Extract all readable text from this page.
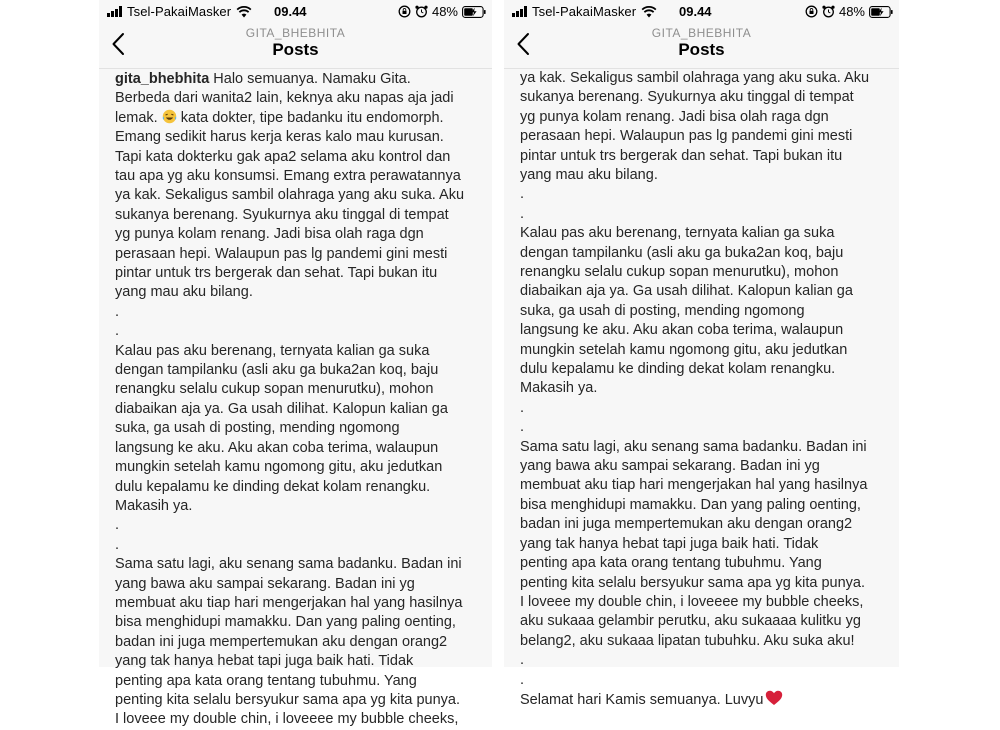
Tsel-PakaiMasker	09.44	48%
GITA_BHEBHITA
Posts
gita_bhebhita Halo semuanya. Namaku Gita.
Berbeda dari wanita2 lain, keknya aku napas aja jadi
lemak. kata dokter, tipe badanku itu endomorph.
Emang sedikit harus kerja keras kalo mau kurusan.
Tapi kata dokterku gak apa2 selama aku kontrol dan
tau apa yg aku konsumsi. Emang extra perawatannya
ya kak. Sekaligus sambil olahraga yang aku suka. Aku
sukanya berenang. Syukurnya aku tinggal di tempat
yg punya kolam renang. Jadi bisa olah raga dgn
perasaan hepi. Walaupun pas lg pandemi gini mesti
pintar untuk trs bergerak dan sehat. Tapi bukan itu
yang mau aku bilang.
.
.
Kalau pas aku berenang, ternyata kalian ga suka
dengan tampilanku (asli aku ga buka2an koq, baju
renangku selalu cukup sopan menurutku), mohon
diabaikan aja ya. Ga usah dilihat. Kalopun kalian ga
suka, ga usah di posting, mending ngomong
langsung ke aku. Aku akan coba terima, walaupun
mungkin setelah kamu ngomong gitu, aku jedutkan
dulu kepalamu ke dinding dekat kolam renangku.
Makasih ya.
.
.
Sama satu lagi, aku senang sama badanku. Badan ini
yang bawa aku sampai sekarang. Badan ini yg
membuat aku tiap hari mengerjakan hal yang hasilnya
bisa menghidupi mamakku. Dan yang paling oenting,
badan ini juga mempertemukan aku dengan orang2
yang tak hanya hebat tapi juga baik hati. Tidak
penting apa kata orang tentang tubuhmu. Yang
penting kita selalu bersyukur sama apa yg kita punya.
I loveee my double chin, i loveeee my bubble cheeks,
Tsel-PakaiMasker	09.44	48%
GITA_BHEBHITA
Posts
ya kak. Sekaligus sambil olahraga yang aku suka. Aku
sukanya berenang. Syukurnya aku tinggal di tempat
yg punya kolam renang. Jadi bisa olah raga dgn
perasaan hepi. Walaupun pas lg pandemi gini mesti
pintar untuk trs bergerak dan sehat. Tapi bukan itu
yang mau aku bilang.
.
.
Kalau pas aku berenang, ternyata kalian ga suka
dengan tampilanku (asli aku ga buka2an koq, baju
renangku selalu cukup sopan menurutku), mohon
diabaikan aja ya. Ga usah dilihat. Kalopun kalian ga
suka, ga usah di posting, mending ngomong
langsung ke aku. Aku akan coba terima, walaupun
mungkin setelah kamu ngomong gitu, aku jedutkan
dulu kepalamu ke dinding dekat kolam renangku.
Makasih ya.
.
.
Sama satu lagi, aku senang sama badanku. Badan ini
yang bawa aku sampai sekarang. Badan ini yg
membuat aku tiap hari mengerjakan hal yang hasilnya
bisa menghidupi mamakku. Dan yang paling oenting,
badan ini juga mempertemukan aku dengan orang2
yang tak hanya hebat tapi juga baik hati. Tidak
penting apa kata orang tentang tubuhmu. Yang
penting kita selalu bersyukur sama apa yg kita punya.
I loveee my double chin, i loveeee my bubble cheeks,
aku sukaaa gelambir perutku, aku sukaaaa kulitku yg
belang2, aku sukaaa lipatan tubuhku. Aku suka aku!
.
.
Selamat hari Kamis semuanya. Luvyu
